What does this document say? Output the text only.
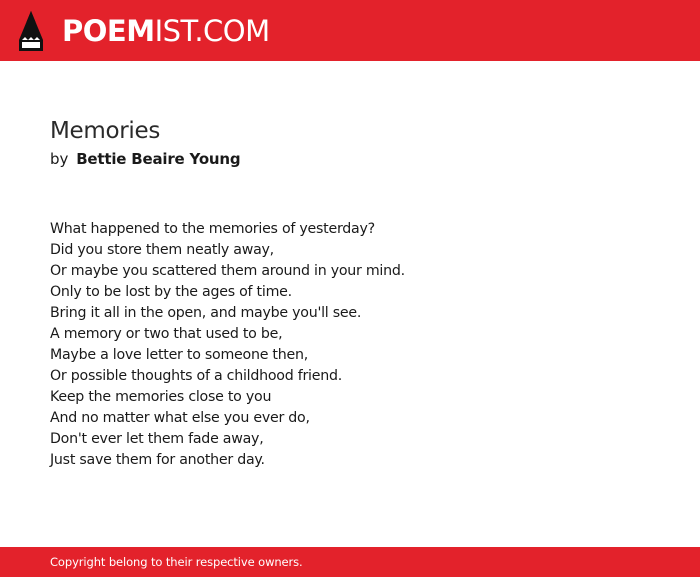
POEMIST.COM
Memories
by Bettie Beaire Young
What happened to the memories of yesterday?
Did you store them neatly away,
Or maybe you scattered them around in your mind.
Only to be lost by the ages of time.
Bring it all in the open, and maybe you'll see.
A memory or two that used to be,
Maybe a love letter to someone then,
Or possible thoughts of a childhood friend.
Keep the memories close to you
And no matter what else you ever do,
Don't ever let them fade away,
Just save them for another day.
Copyright belong to their respective owners.
